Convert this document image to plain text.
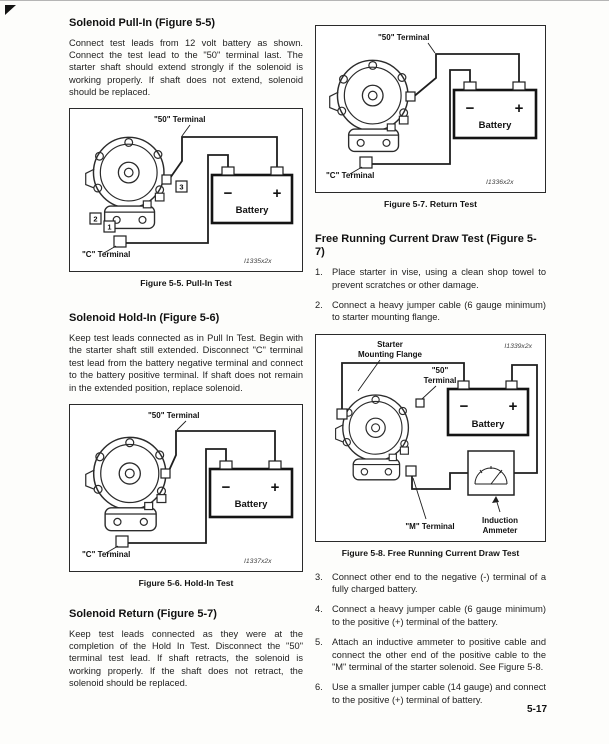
Solenoid Pull-In (Figure 5-5)

Connect test leads from 12 volt battery as shown. Connect the test lead to the "50" terminal last. The starter shaft should extend strongly if the solenoid is working properly. If shaft does not extend, solenoid should be replaced.

−	+
Battery
3
2
1
"50" Terminal
"C" Terminal
I1335x2x
Figure 5-5. Pull-In Test
Solenoid Hold-In (Figure 5-6)

Keep test leads connected as in Pull In Test. Begin with the starter shaft still extended. Disconnect "C" terminal test lead from the battery negative terminal and connect to the battery positive terminal. If shaft does not remain in the extended position, replace solenoid.

−	+
Battery
"50" Terminal
"C" Terminal
I1337x2x
Figure 5-6. Hold-In Test
Solenoid Return (Figure 5-7)

Keep test leads connected as they were at the completion of the Hold In Test. Disconnect the "50" terminal test lead. If shaft retracts, the solenoid is working properly. If the shaft does not retract, the solenoid should be replaced.

−	+
Battery
"50" Terminal
"C" Terminal
I1336x2x
Figure 5-7. Return Test
Free Running Current Draw Test (Figure 5-7)
1. Place starter in vise, using a clean shop towel to prevent scratches or other damage.
2. Connect a heavy jumper cable (6 gauge minimum) to starter mounting flange.
−	+
Battery
Starter
Mounting Flange
"50"
Terminal
"M" Terminal
Induction
Ammeter
I1339x2x
Figure 5-8. Free Running Current Draw Test
3. Connect other end to the negative (-) terminal of a fully charged battery.
4. Connect a heavy jumper cable (6 gauge minimum) to the positive (+) terminal of the battery.
5. Attach an inductive ammeter to positive cable and connect the other end of the positive cable to the "M" terminal of the starter solenoid. See Figure 5-8.
6. Use a smaller jumper cable (14 gauge) and connect to the positive (+) terminal of battery.
5-17
